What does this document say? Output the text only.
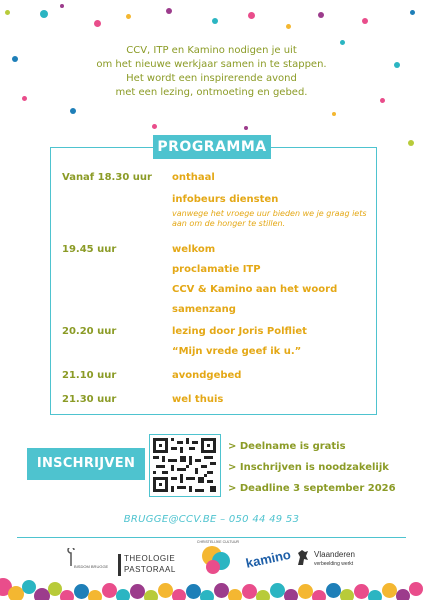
CCV, ITP en Kamino nodigen je uit
om het nieuwe werkjaar samen in te stappen.
Het wordt een inspirerende avond
met een lezing, ontmoeting en gebed.
PROGRAMMA
Vanaf 18.30 uur onthaal
infobeurs diensten
vanwege het vroege uur bieden we je graag iets aan om de honger te stillen.
19.45 uur	welkom
proclamatie ITP
CCV & Kamino aan het woord
samenzang
20.20 uur	lezing door Joris Polfliet
“Mijn vrede geef ik u.”
21.10 uur	avondgebed
21.30 uur	wel thuis
INSCHRIJVEN
> Deelname is gratis
> Inschrijven is noodzakelijk
> Deadline 3 september 2026
BRUGGE@CCV.BE – 050 44 49 53
BISDOM BRUGGE
THEOLOGIE
PASTORAAL
CHRISTELIJKE CULTUUR
kamino	Vlaanderen
verbeelding werkt
